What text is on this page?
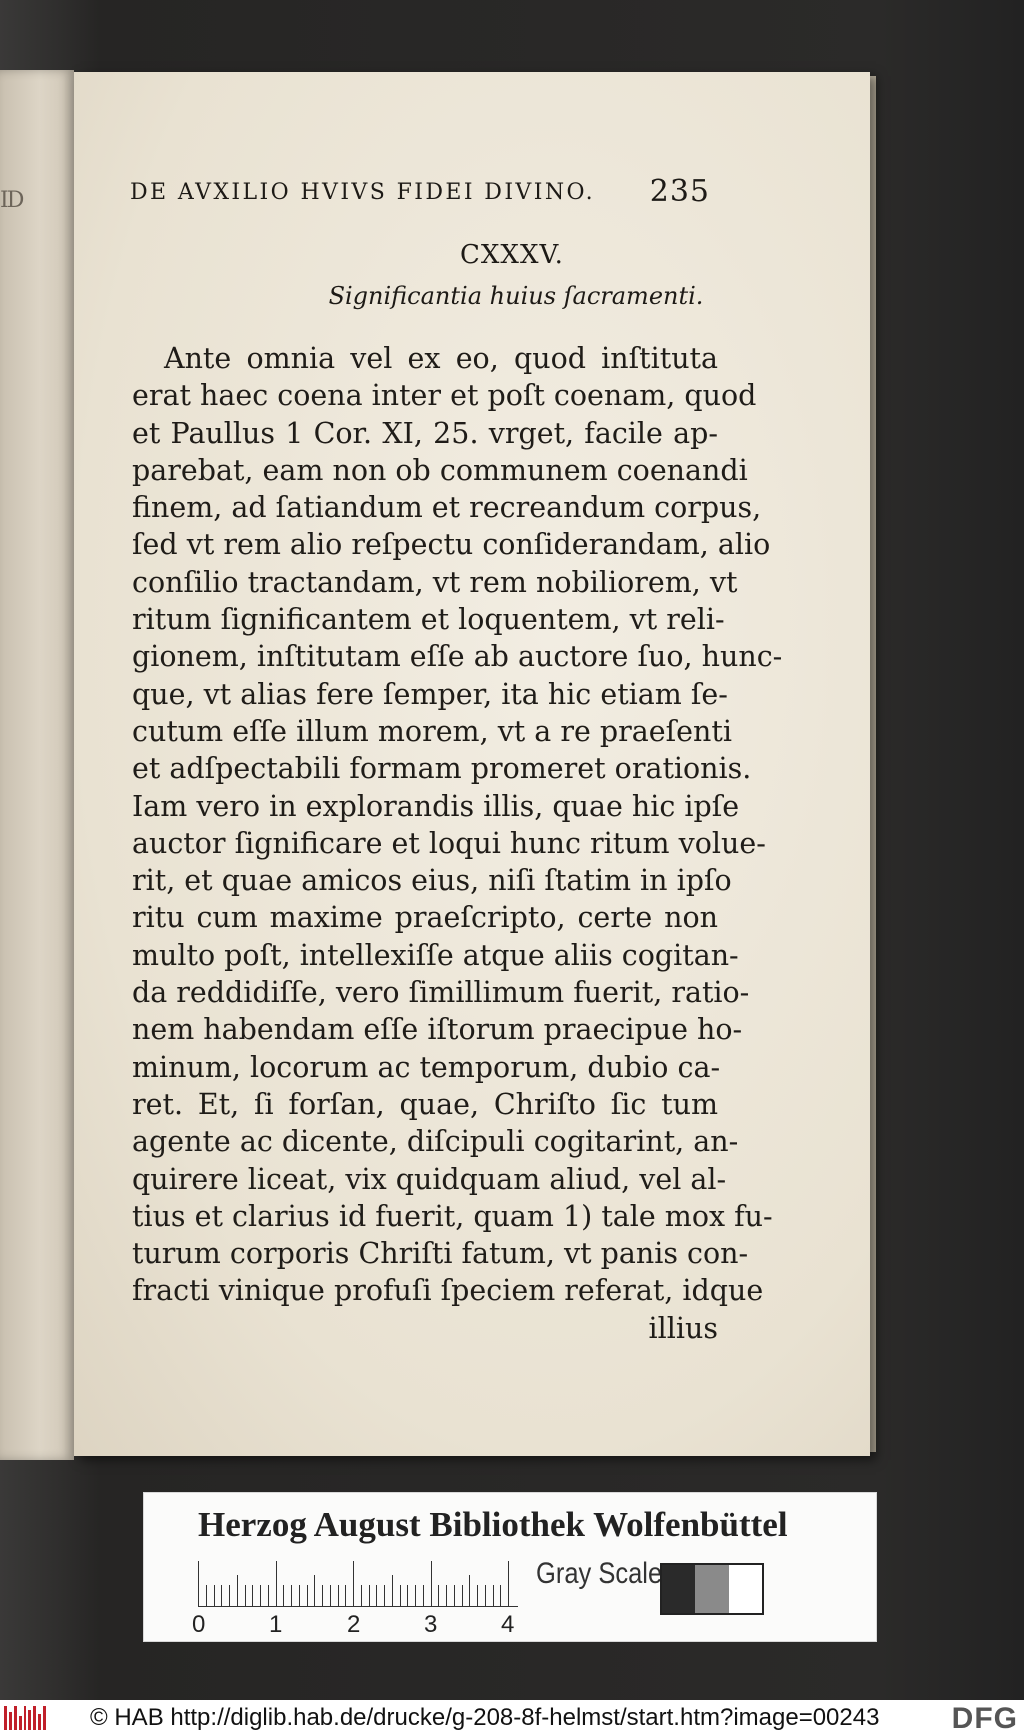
ID	DE AVXILIO HVIVS FIDEI DIVINO. 235
CXXXV.
Significantia huius ſacramenti.
Ante omnia vel ex eo, quod inſtituta
erat haec coena inter et poſt coenam, quod
et Paullus 1 Cor. XI, 25. vrget, facile ap-
parebat, eam non ob communem coenandi
finem, ad ſatiandum et recreandum corpus,
ſed vt rem alio reſpectu conſiderandam, alio
conſilio tractandam, vt rem nobiliorem, vt
ritum ſignificantem et loquentem, vt reli-
gionem, inſtitutam eſſe ab auctore ſuo, hunc-
que, vt alias fere ſemper, ita hic etiam ſe-
cutum eſſe illum morem, vt a re praeſenti
et adſpectabili formam promeret orationis.
Iam vero in explorandis illis, quae hic ipſe
auctor ſignificare et loqui hunc ritum volue-
rit, et quae amicos eius, niſi ſtatim in ipſo
ritu cum maxime praeſcripto, certe non
multo poſt, intellexiſſe atque aliis cogitan-
da reddidiſſe, vero ſimillimum fuerit, ratio-
nem habendam eſſe iſtorum praecipue ho-
minum, locorum ac temporum, dubio ca-
ret. Et, ſi forſan, quae, Chriſto ſic tum
agente ac dicente, diſcipuli cogitarint, an-
quirere liceat, vix quidquam aliud, vel al-
tius et clarius id fuerit, quam 1) tale mox fu-
turum corporis Chriſti fatum, vt panis con-
fracti vinique profuſi ſpeciem referat, idque
illius
Herzog August Bibliothek Wolfenbüttel
0	1	2	3	4
Gray Scale
© HAB http://diglib.hab.de/drucke/g-208-8f-helmst/start.htm?image=00243 DFG
